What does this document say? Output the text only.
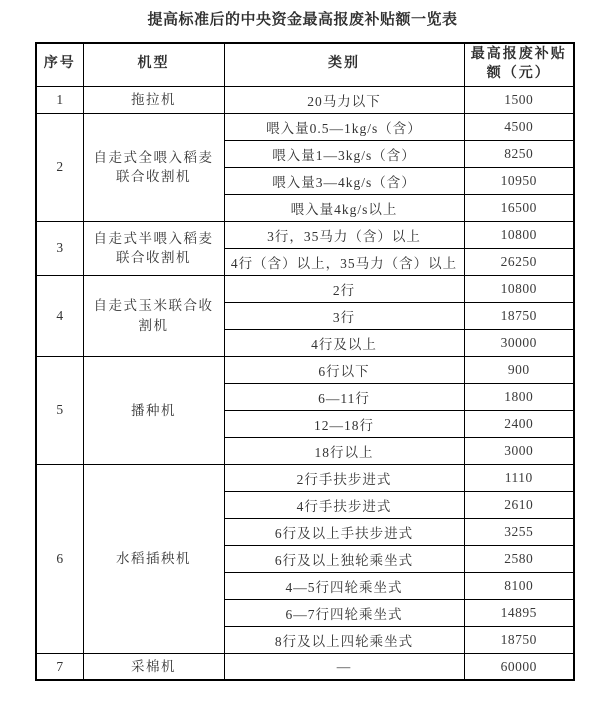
提高标准后的中央资金最高报废补贴额一览表
序号	机型	类别	最高报废补贴额（元）
1	拖拉机	20马力以下	1500
2	自走式全喂入稻麦联合收割机	喂入量0.5—1kg/s（含）	4500
		喂入量1—3kg/s（含）	8250
		喂入量3—4kg/s（含）	10950
		喂入量4kg/s以上	16500
3	自走式半喂入稻麦联合收割机	3行，35马力（含）以上	10800
		4行（含）以上，35马力（含）以上	26250
4	自走式玉米联合收割机	2行	10800
		3行	18750
		4行及以上	30000
5	播种机	6行以下	900
		6—11行	1800
		12—18行	2400
		18行以上	3000
6	水稻插秧机	2行手扶步进式	1110
		4行手扶步进式	2610
		6行及以上手扶步进式	3255
		6行及以上独轮乘坐式	2580
		4—5行四轮乘坐式	8100
		6—7行四轮乘坐式	14895
		8行及以上四轮乘坐式	18750
7	采棉机	—	60000
